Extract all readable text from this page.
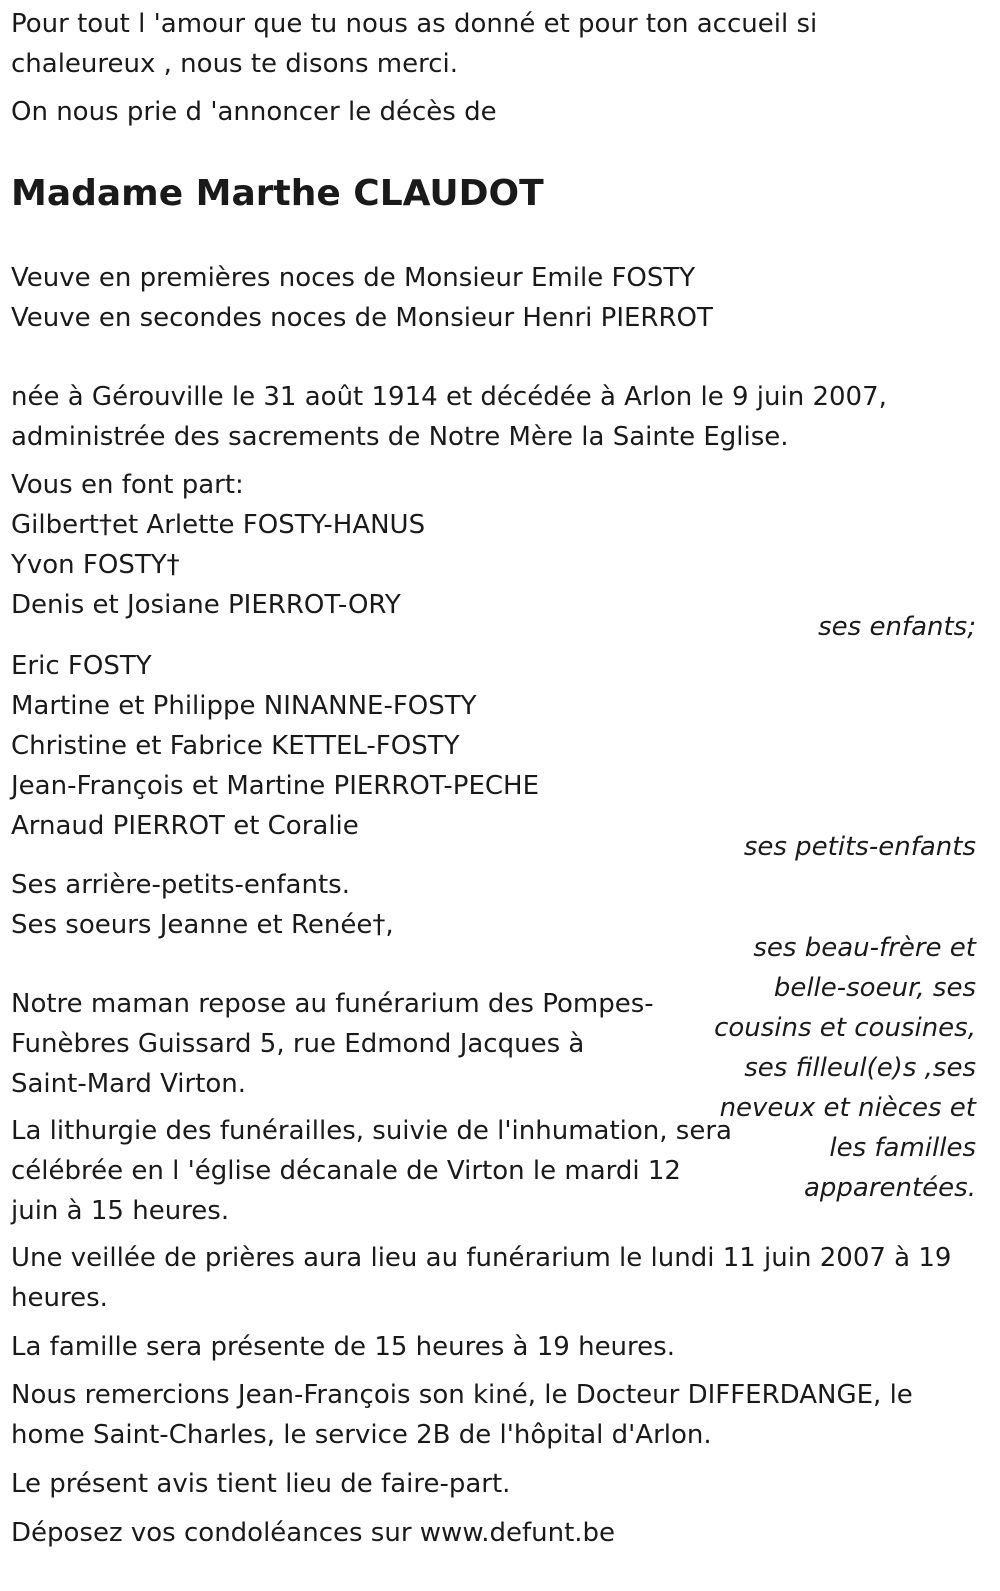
Pour tout l 'amour que tu nous as donné et pour ton accueil si
chaleureux , nous te disons merci.
On nous prie d 'annoncer le décès de
Madame Marthe CLAUDOT
Veuve en premières noces de Monsieur Emile FOSTY
Veuve en secondes noces de Monsieur Henri PIERROT
née à Gérouville le 31 août 1914 et décédée à Arlon le 9 juin 2007,
administrée des sacrements de Notre Mère la Sainte Eglise.
Vous en font part:
Gilbert†et Arlette FOSTY-HANUS
Yvon FOSTY†
Denis et Josiane PIERROT-ORY
ses enfants;
Eric FOSTY
Martine et Philippe NINANNE-FOSTY
Christine et Fabrice KETTEL-FOSTY
Jean-François et Martine PIERROT-PECHE
Arnaud PIERROT et Coralie
ses petits-enfants
Ses arrière-petits-enfants.
Ses soeurs Jeanne et Renée†,
ses beau-frère et
belle-soeur, ses
cousins et cousines,
ses filleul(e)s ,ses
neveux et nièces et
les familles
apparentées.
Notre maman repose au funérarium des Pompes-
Funèbres Guissard 5, rue Edmond Jacques à
Saint-Mard Virton.
La lithurgie des funérailles, suivie de l'inhumation, sera
célébrée en l 'église décanale de Virton le mardi 12
juin à 15 heures.
Une veillée de prières aura lieu au funérarium le lundi 11 juin 2007 à 19
heures.
La famille sera présente de 15 heures à 19 heures.
Nous remercions Jean-François son kiné, le Docteur DIFFERDANGE, le
home Saint-Charles, le service 2B de l'hôpital d'Arlon.
Le présent avis tient lieu de faire-part.
Déposez vos condoléances sur www.defunt.be
